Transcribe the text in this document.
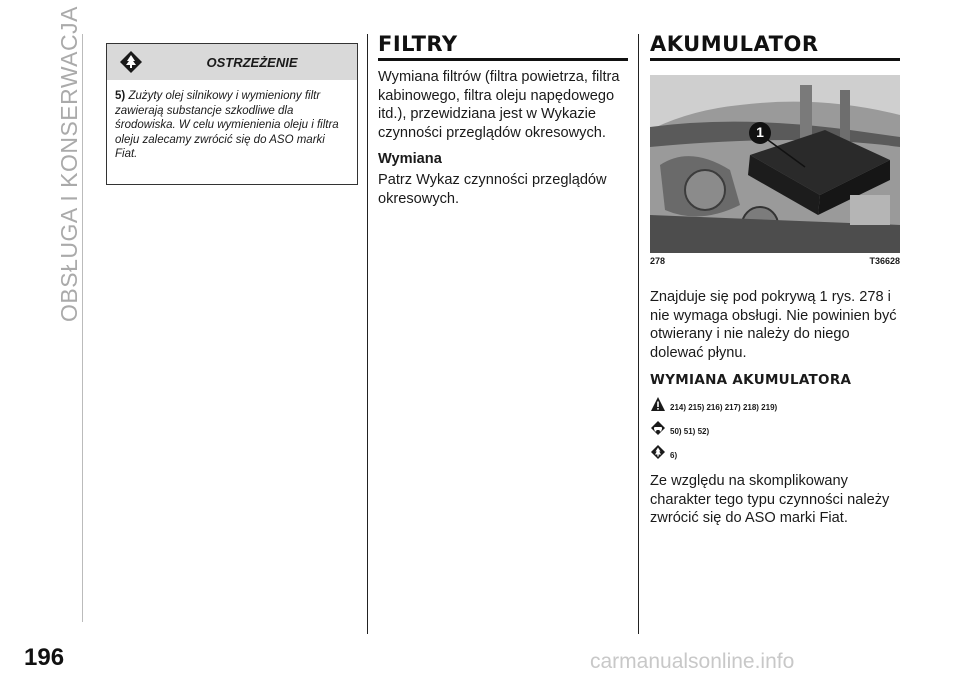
OBSŁUGA I KONSERWACJA	OSTRZEŻENIE
5) Zużyty olej silnikowy i wymieniony filtr zawierają substancje szkodliwe dla środowiska. W celu wymienienia oleju i filtra oleju zalecamy zwrócić się do ASO marki Fiat.
FILTRY

Wymiana filtrów (filtra powietrza, filtra kabinowego, filtra oleju napędowego itd.), przewidziana jest w Wykazie czynności przeglądów okresowych.

Wymiana

Patrz Wykaz czynności przeglądów okresowych.

AKUMULATOR
1
278	T36628

Znajduje się pod pokrywą 1 rys. 278 i nie wymaga obsługi. Nie powinien być otwierany i nie należy do niego dolewać płynu.

WYMIANA AKUMULATORA
214) 215) 216) 217) 218) 219)
50) 51) 52)
6)

Ze względu na skomplikowany charakter tego typu czynności należy zwrócić się do ASO marki Fiat.

196	carmanualsonline.info
